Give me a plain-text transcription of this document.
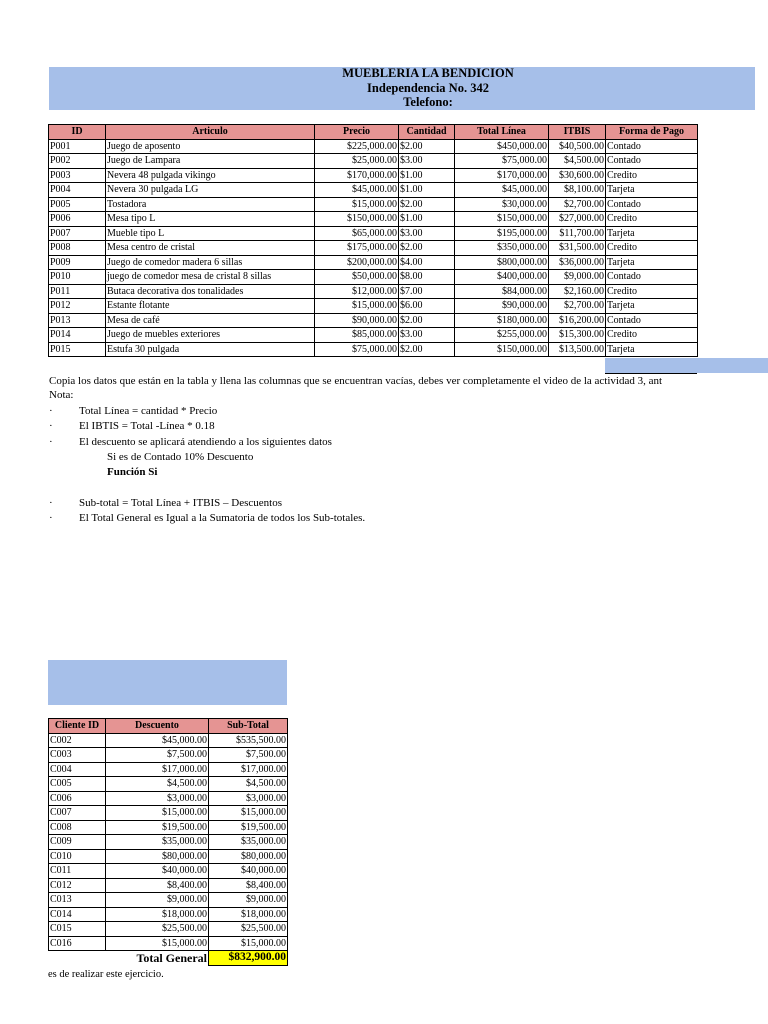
MUEBLERIA LA BENDICION
Independencia No. 342
Telefono:
ID	Articulo	Precio	Cantidad	Total Línea	ITBIS	Forma de Pago
P001	Juego de aposento	$225,000.00	$2.00	$450,000.00	$40,500.00	Contado
P002	Juego de Lampara	$25,000.00	$3.00	$75,000.00	$4,500.00	Contado
P003	Nevera 48 pulgada vikingo	$170,000.00	$1.00	$170,000.00	$30,600.00	Credito
P004	Nevera 30 pulgada LG	$45,000.00	$1.00	$45,000.00	$8,100.00	Tarjeta
P005	Tostadora	$15,000.00	$2.00	$30,000.00	$2,700.00	Contado
P006	Mesa tipo L	$150,000.00	$1.00	$150,000.00	$27,000.00	Credito
P007	Mueble tipo L	$65,000.00	$3.00	$195,000.00	$11,700.00	Tarjeta
P008	Mesa centro de cristal	$175,000.00	$2.00	$350,000.00	$31,500.00	Credito
P009	Juego de comedor madera 6 sillas	$200,000.00	$4.00	$800,000.00	$36,000.00	Tarjeta
P010	juego de comedor mesa de cristal 8 sillas	$50,000.00	$8.00	$400,000.00	$9,000.00	Contado
P011	Butaca decorativa dos tonalidades	$12,000.00	$7.00	$84,000.00	$2,160.00	Credito
P012	Estante flotante	$15,000.00	$6.00	$90,000.00	$2,700.00	Tarjeta
P013	Mesa de café	$90,000.00	$2.00	$180,000.00	$16,200.00	Contado
P014	Juego de muebles exteriores	$85,000.00	$3.00	$255,000.00	$15,300.00	Credito
P015	Estufa 30 pulgada	$75,000.00	$2.00	$150,000.00	$13,500.00	Tarjeta
Copia los datos que están en la tabla y llena las columnas que se encuentran vacías, debes ver completamente el video de la actividad 3, ant
Nota:
· Total Línea = cantidad * Precio
· El IBTIS = Total -Línea * 0.18
· El descuento se aplicará atendiendo a los siguientes datos
Si es de Contado 10% Descuento
Función Si
· Sub-total = Total Línea + ITBIS – Descuentos
· El Total General es Igual a la Sumatoria de todos los Sub-totales.
Cliente ID	Descuento	Sub-Total
C002	$45,000.00	$535,500.00
C003	$7,500.00	$7,500.00
C004	$17,000.00	$17,000.00
C005	$4,500.00	$4,500.00
C006	$3,000.00	$3,000.00
C007	$15,000.00	$15,000.00
C008	$19,500.00	$19,500.00
C009	$35,000.00	$35,000.00
C010	$80,000.00	$80,000.00
C011	$40,000.00	$40,000.00
C012	$8,400.00	$8,400.00
C013	$9,000.00	$9,000.00
C014	$18,000.00	$18,000.00
C015	$25,500.00	$25,500.00
C016	$15,000.00	$15,000.00
Total General		$832,900.00
es de realizar este ejercicio.
